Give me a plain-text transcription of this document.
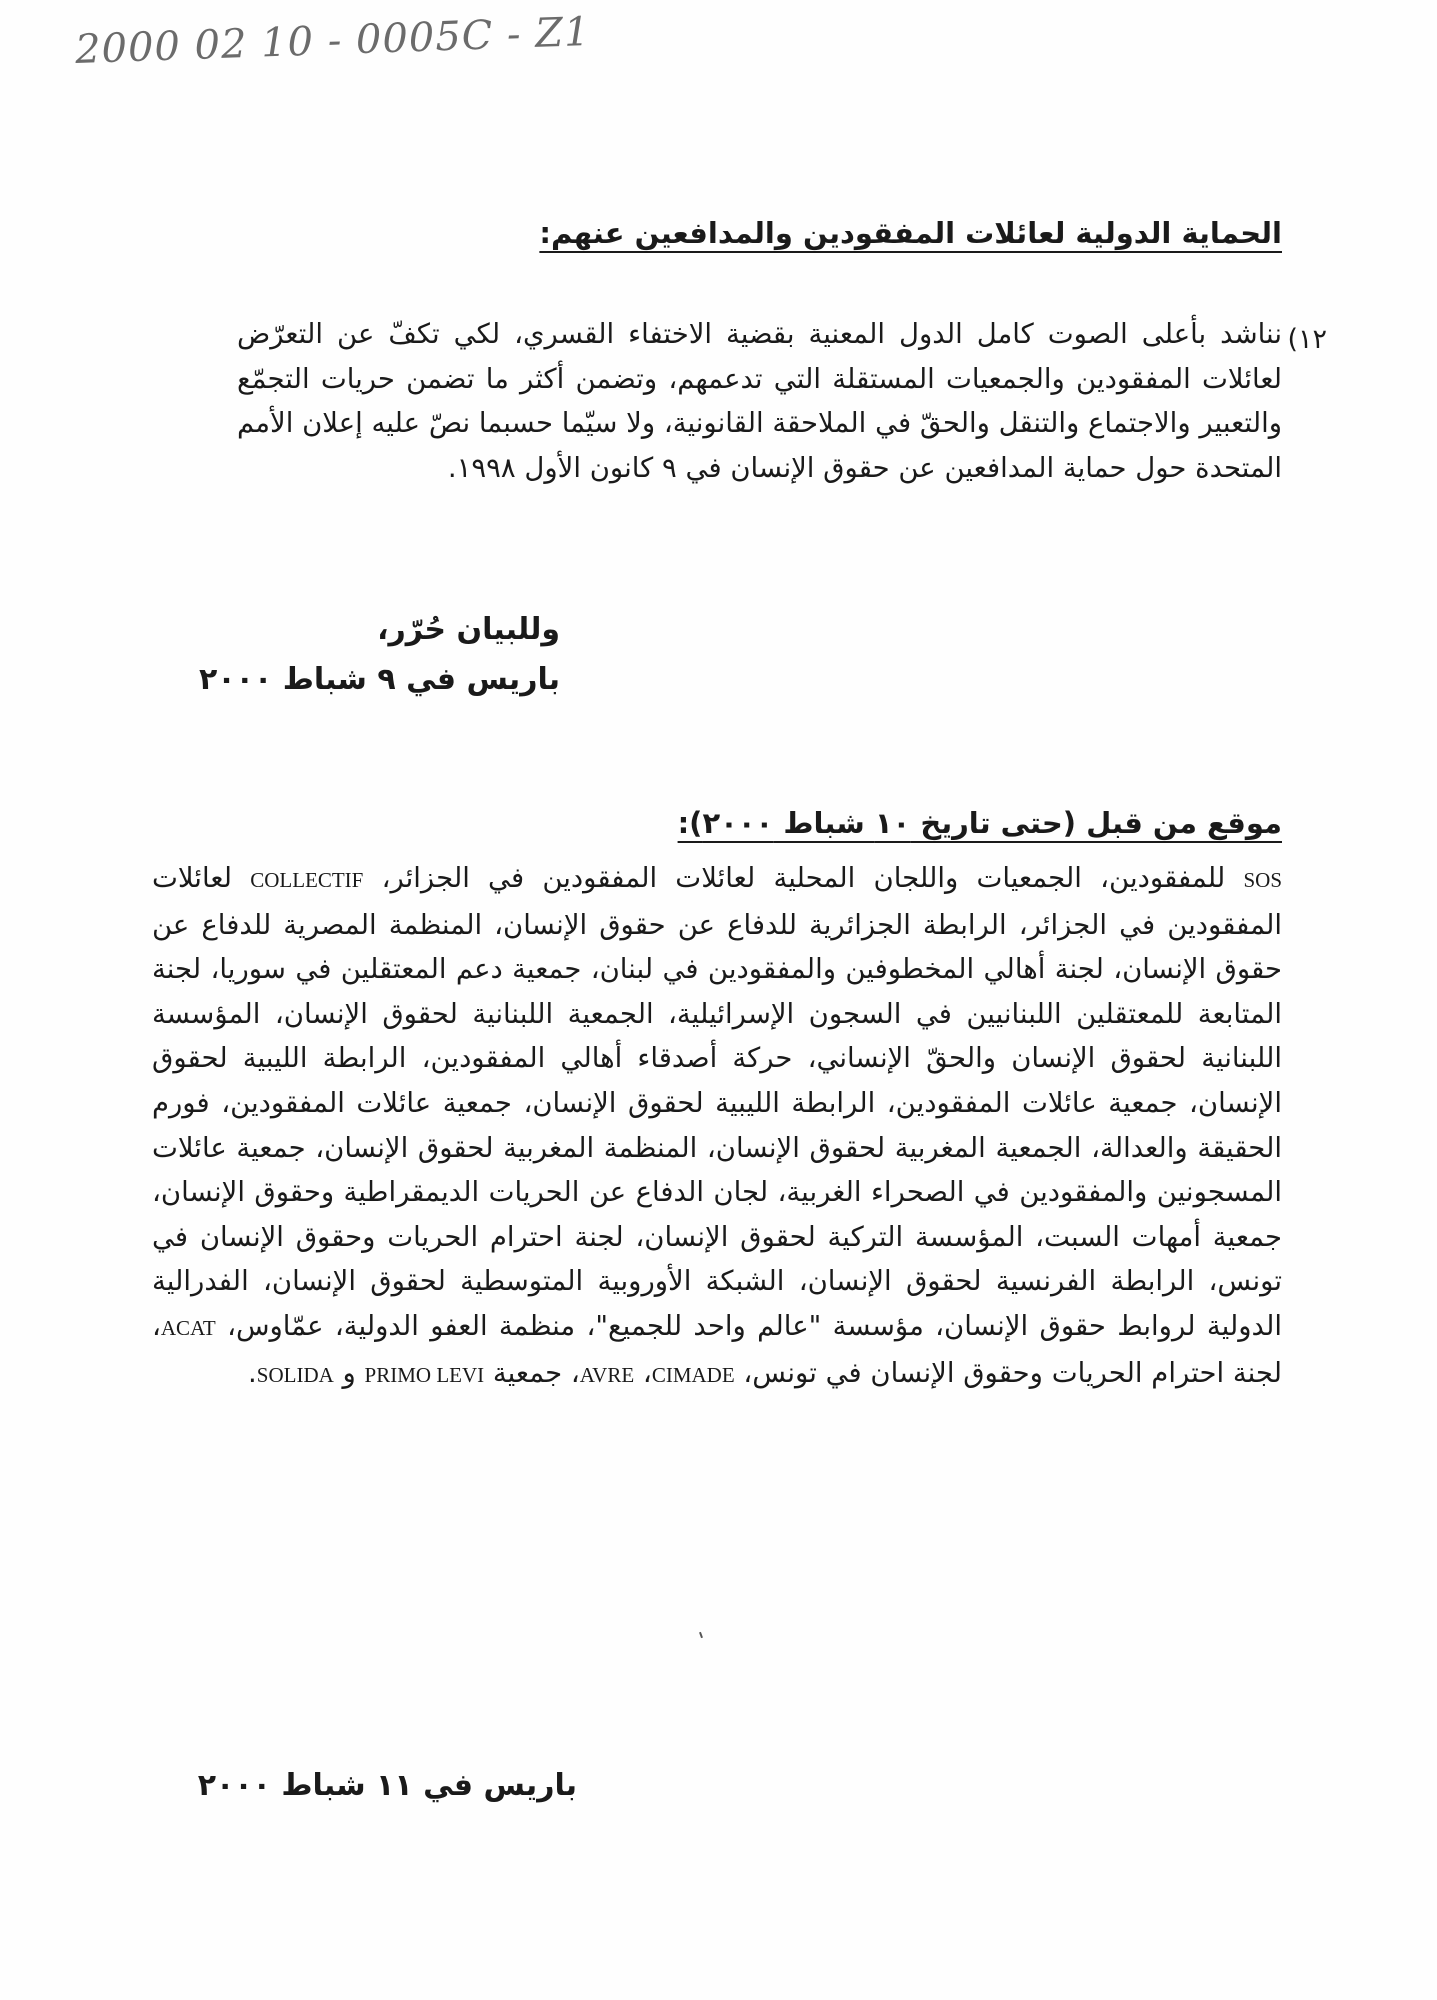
2000 02 10 - 0005C - Z1
الحماية الدولية لعائلات المفقودين والمدافعين عنهم:
١٢)
نناشد بأعلى الصوت كامل الدول المعنية بقضية الاختفاء القسري، لكي تكفّ عن التعرّض لعائلات المفقودين والجمعيات المستقلة التي تدعمهم، وتضمن أكثر ما تضمن حريات التجمّع والتعبير والاجتماع والتنقل والحقّ في الملاحقة القانونية، ولا سيّما حسبما نصّ عليه إعلان الأمم المتحدة حول حماية المدافعين عن حقوق الإنسان في ٩ كانون الأول ١٩٩٨.
وللبيان حُرّر،
باريس في ٩ شباط ٢٠٠٠
موقع من قبل (حتى تاريخ ١٠ شباط ٢٠٠٠):
SOS للمفقودين، الجمعيات واللجان المحلية لعائلات المفقودين في الجزائر، COLLECTIF لعائلات المفقودين في الجزائر، الرابطة الجزائرية للدفاع عن حقوق الإنسان، المنظمة المصرية للدفاع عن حقوق الإنسان، لجنة أهالي المخطوفين والمفقودين في لبنان، جمعية دعم المعتقلين في سوريا، لجنة المتابعة للمعتقلين اللبنانيين في السجون الإسرائيلية، الجمعية اللبنانية لحقوق الإنسان، المؤسسة اللبنانية لحقوق الإنسان والحقّ الإنساني، حركة أصدقاء أهالي المفقودين، الرابطة الليبية لحقوق الإنسان، جمعية عائلات المفقودين، الرابطة الليبية لحقوق الإنسان، جمعية عائلات المفقودين، فورم الحقيقة والعدالة، الجمعية المغربية لحقوق الإنسان، المنظمة المغربية لحقوق الإنسان، جمعية عائلات المسجونين والمفقودين في الصحراء الغربية، لجان الدفاع عن الحريات الديمقراطية وحقوق الإنسان، جمعية أمهات السبت، المؤسسة التركية لحقوق الإنسان، لجنة احترام الحريات وحقوق الإنسان في تونس، الرابطة الفرنسية لحقوق الإنسان، الشبكة الأوروبية المتوسطية لحقوق الإنسان، الفدرالية الدولية لروابط حقوق الإنسان، مؤسسة "عالم واحد للجميع"، منظمة العفو الدولية، عمّاوس، ACAT، لجنة احترام الحريات وحقوق الإنسان في تونس، CIMADE، AVRE، جمعية PRIMO LEVI و SOLIDA.
باريس في ١١ شباط ٢٠٠٠
